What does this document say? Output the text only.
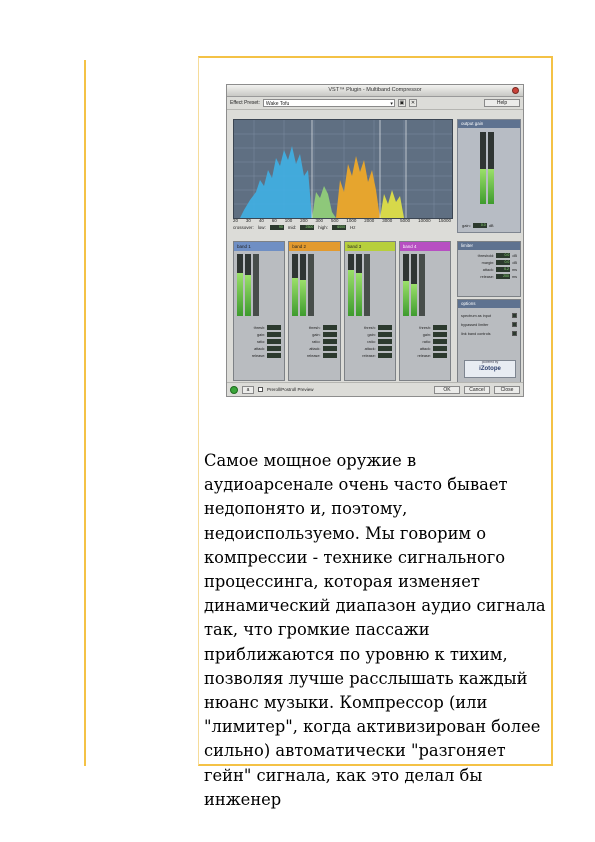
VST™ Plugin - Multiband Compressor
Effect Preset:	Wake Tofu	▾	▣	✕	Help
20 30 40 60 100 200 300 500 1000 2000 3000 5000 10000 15000
crossover: low:	90 mid:	2500 high:	6000 Hz
output gain
gain:	0.0 dB
band 1
thresh:
gain:
ratio:
attack:
release:
band 2
thresh:
gain:
ratio:
attack:
release:
band 3
thresh:
gain:
ratio:
attack:
release:
band 4
thresh:
gain:
ratio:
attack:
release:
limiter
threshold:	0.0 dB
margin:	0.0 dB
attack:	0.2 ms
release:	200 ms
options
spectrum as input
bypassed limiter
link band controls
powered by
iZotope
a	Preroll/Postroll Preview	OK	Cancel	Close

Самое мощное оружие в аудиоарсенале очень часто бывает недопонято и, поэтому, недоиспользуемо. Мы говорим о компрессии - технике сигнального процессинга, которая изменяет динамический диапазон аудио сигнала так, что громкие пассажи приближаются по уровню к тихим, позволяя лучше расслышать каждый нюанс музыки. Компрессор (или "лимитер", когда активизирован более сильно) автоматически "разгоняет гейн" сигнала, как это делал бы инженер
